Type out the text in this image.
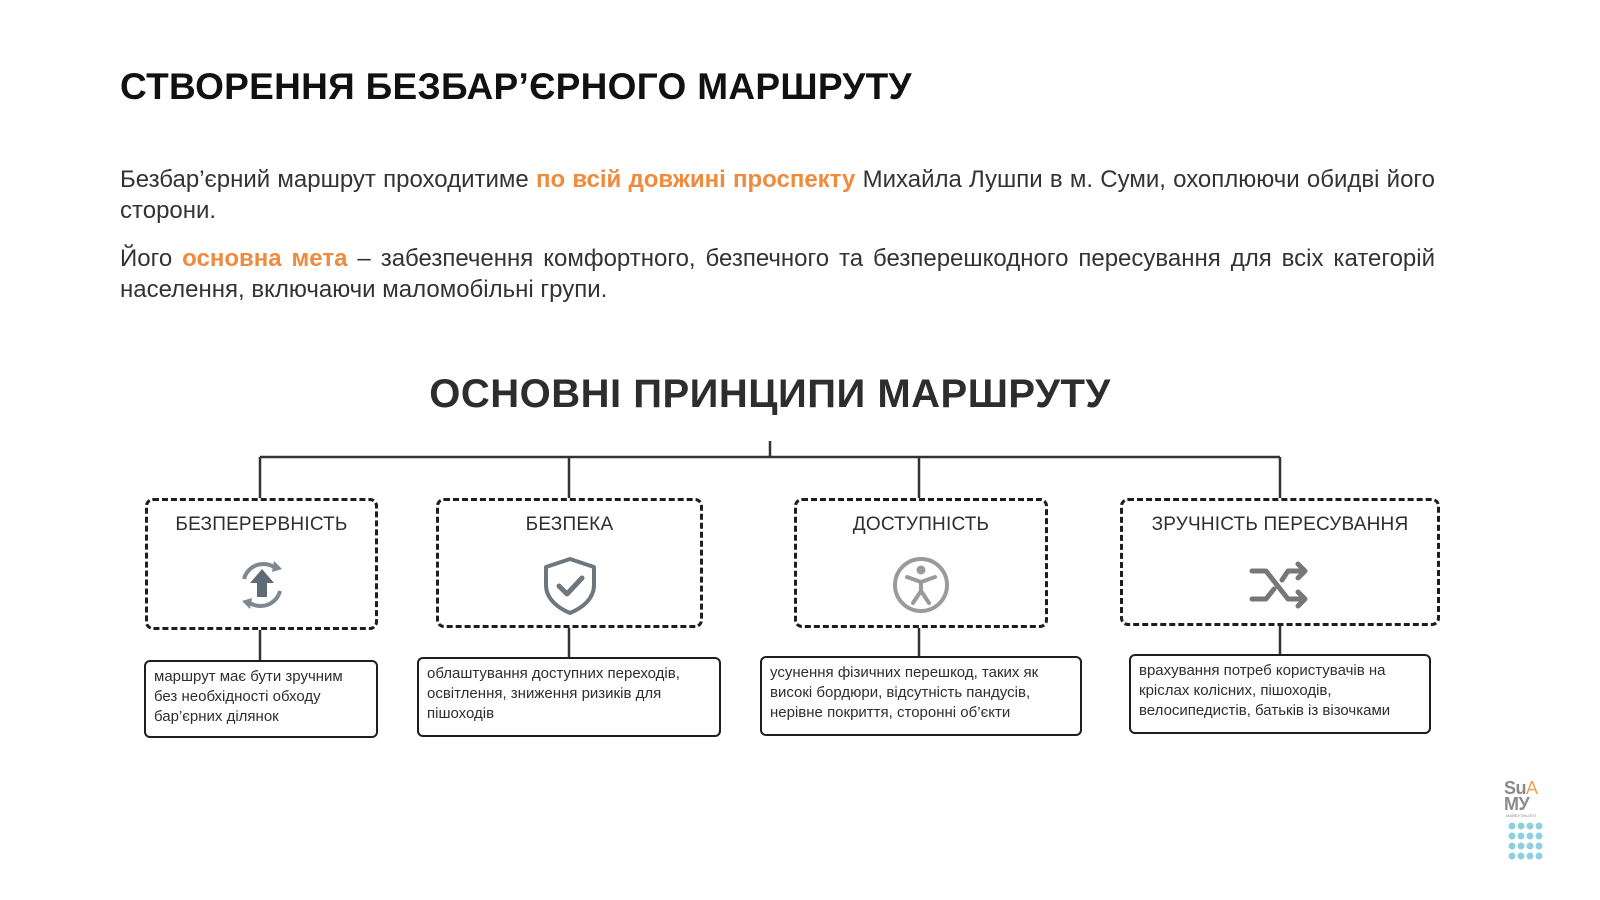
СТВОРЕННЯ БЕЗБАР’ЄРНОГО МАРШРУТУ

Безбар’єрний маршрут проходитиме по всій довжині проспекту Михайла Лушпи в м. Суми, охоплюючи обидві його сторони.

Його основна мета – забезпечення комфортного, безпечного та безперешкодного пересування для всіх категорій населення, включаючи маломобільні групи.

ОСНОВНІ ПРИНЦИПИ МАРШРУТУ
БЕЗПЕРЕРВНІСТЬ
маршрут має бути зручним без необхідності обходу бар’єрних ділянок
БЕЗПЕКА
облаштування доступних переходів, освітлення, зниження ризиків для пішоходів
ДОСТУПНІСТЬ
усунення фізичних перешкод, таких як високі бордюри, відсутність пандусів, нерівне покриття, сторонні об’єкти
ЗРУЧНІСТЬ ПЕРЕСУВАННЯ
врахування потреб користувачів на кріслах колісних, пішоходів, велосипедистів, батьків із візочками
SuA
МУ
МАЙБУТНЬОГО
